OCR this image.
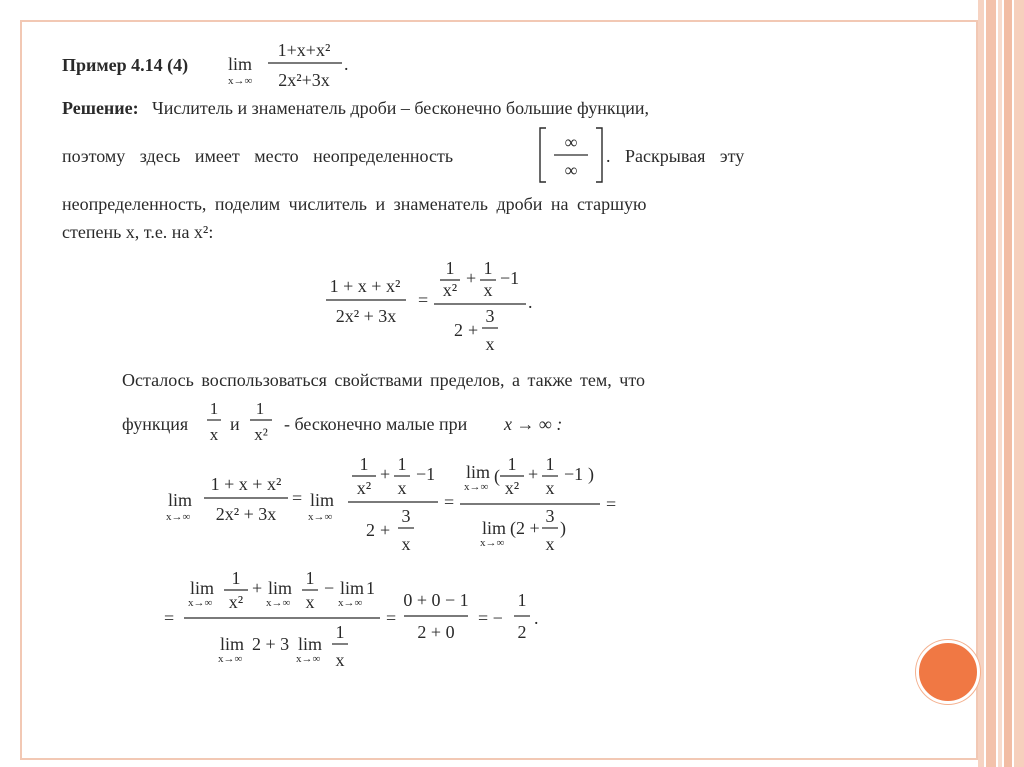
Пример 4.14 (4) lim
x→∞
1+x+x²
2x²+3x
.
Решение: Числитель и знаменатель дроби – бесконечно большие функции,
поэтому здесь имеет место неопределенность
∞
∞
. Раскрывая эту
неопределенность, поделим числитель и знаменатель дроби на старшую
степень x, т.е. на x²:
1 + x + x²
2x² + 3x
=
1
x²
+ 1
x
−1
2 +
3
x
.
Осталось воспользоваться свойствами пределов, а также тем, что
функция
1
x
1
x²
и - бесконечно малые при x → ∞ :
lim
x→∞
1 + x + x²
2x² + 3x
= lim
x→∞
1
x²
+ 1
x
−1
2 +
3
x
=
lim
x→∞
(
1
x²
+ 1
x
−1 )
lim
x→∞
(2 +
3
x
)
=
=
lim
x→∞
1
x²
+ lim
x→∞
1
x
− lim
x→∞
1
lim
x→∞
2 + 3 lim
x→∞
1
x
=
0 + 0 − 1
2 + 0
= −
1
2
.
